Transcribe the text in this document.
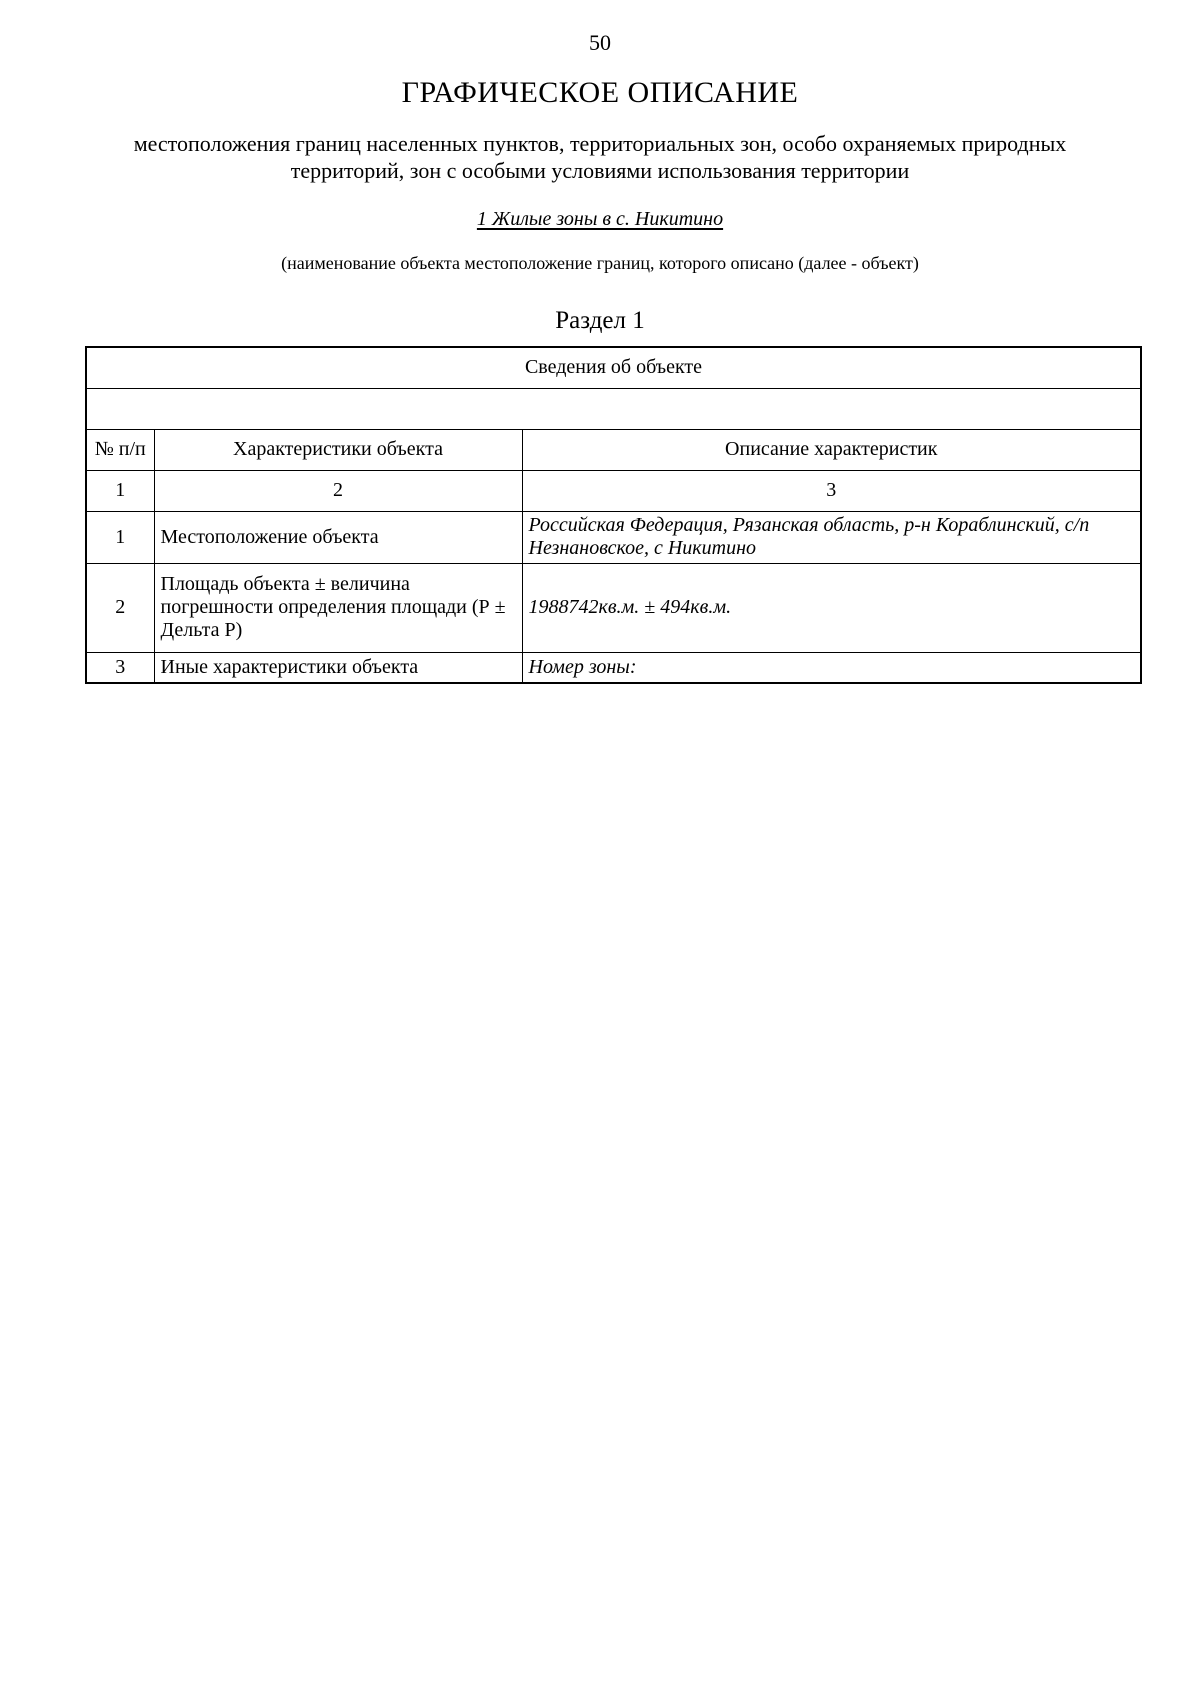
50
ГРАФИЧЕСКОЕ ОПИСАНИЕ
местоположения границ населенных пунктов, территориальных зон, особо охраняемых природных территорий, зон с особыми условиями использования территории
1 Жилые зоны в с. Никитино
(наименование объекта местоположение границ, которого описано (далее - объект)
Раздел 1
Сведения об объекте		

№ п/п	Характеристики объекта	Описание характеристик
1	2	3
1	Местоположение объекта	Российская Федерация, Рязанская область, р-н Кораблинский, с/п Незнановское, с Никитино
2	Площадь объекта ± величина погрешности определения площади (Р ± Дельта Р)	1988742кв.м. ± 494кв.м.
3	Иные характеристики объекта	Номер зоны:
